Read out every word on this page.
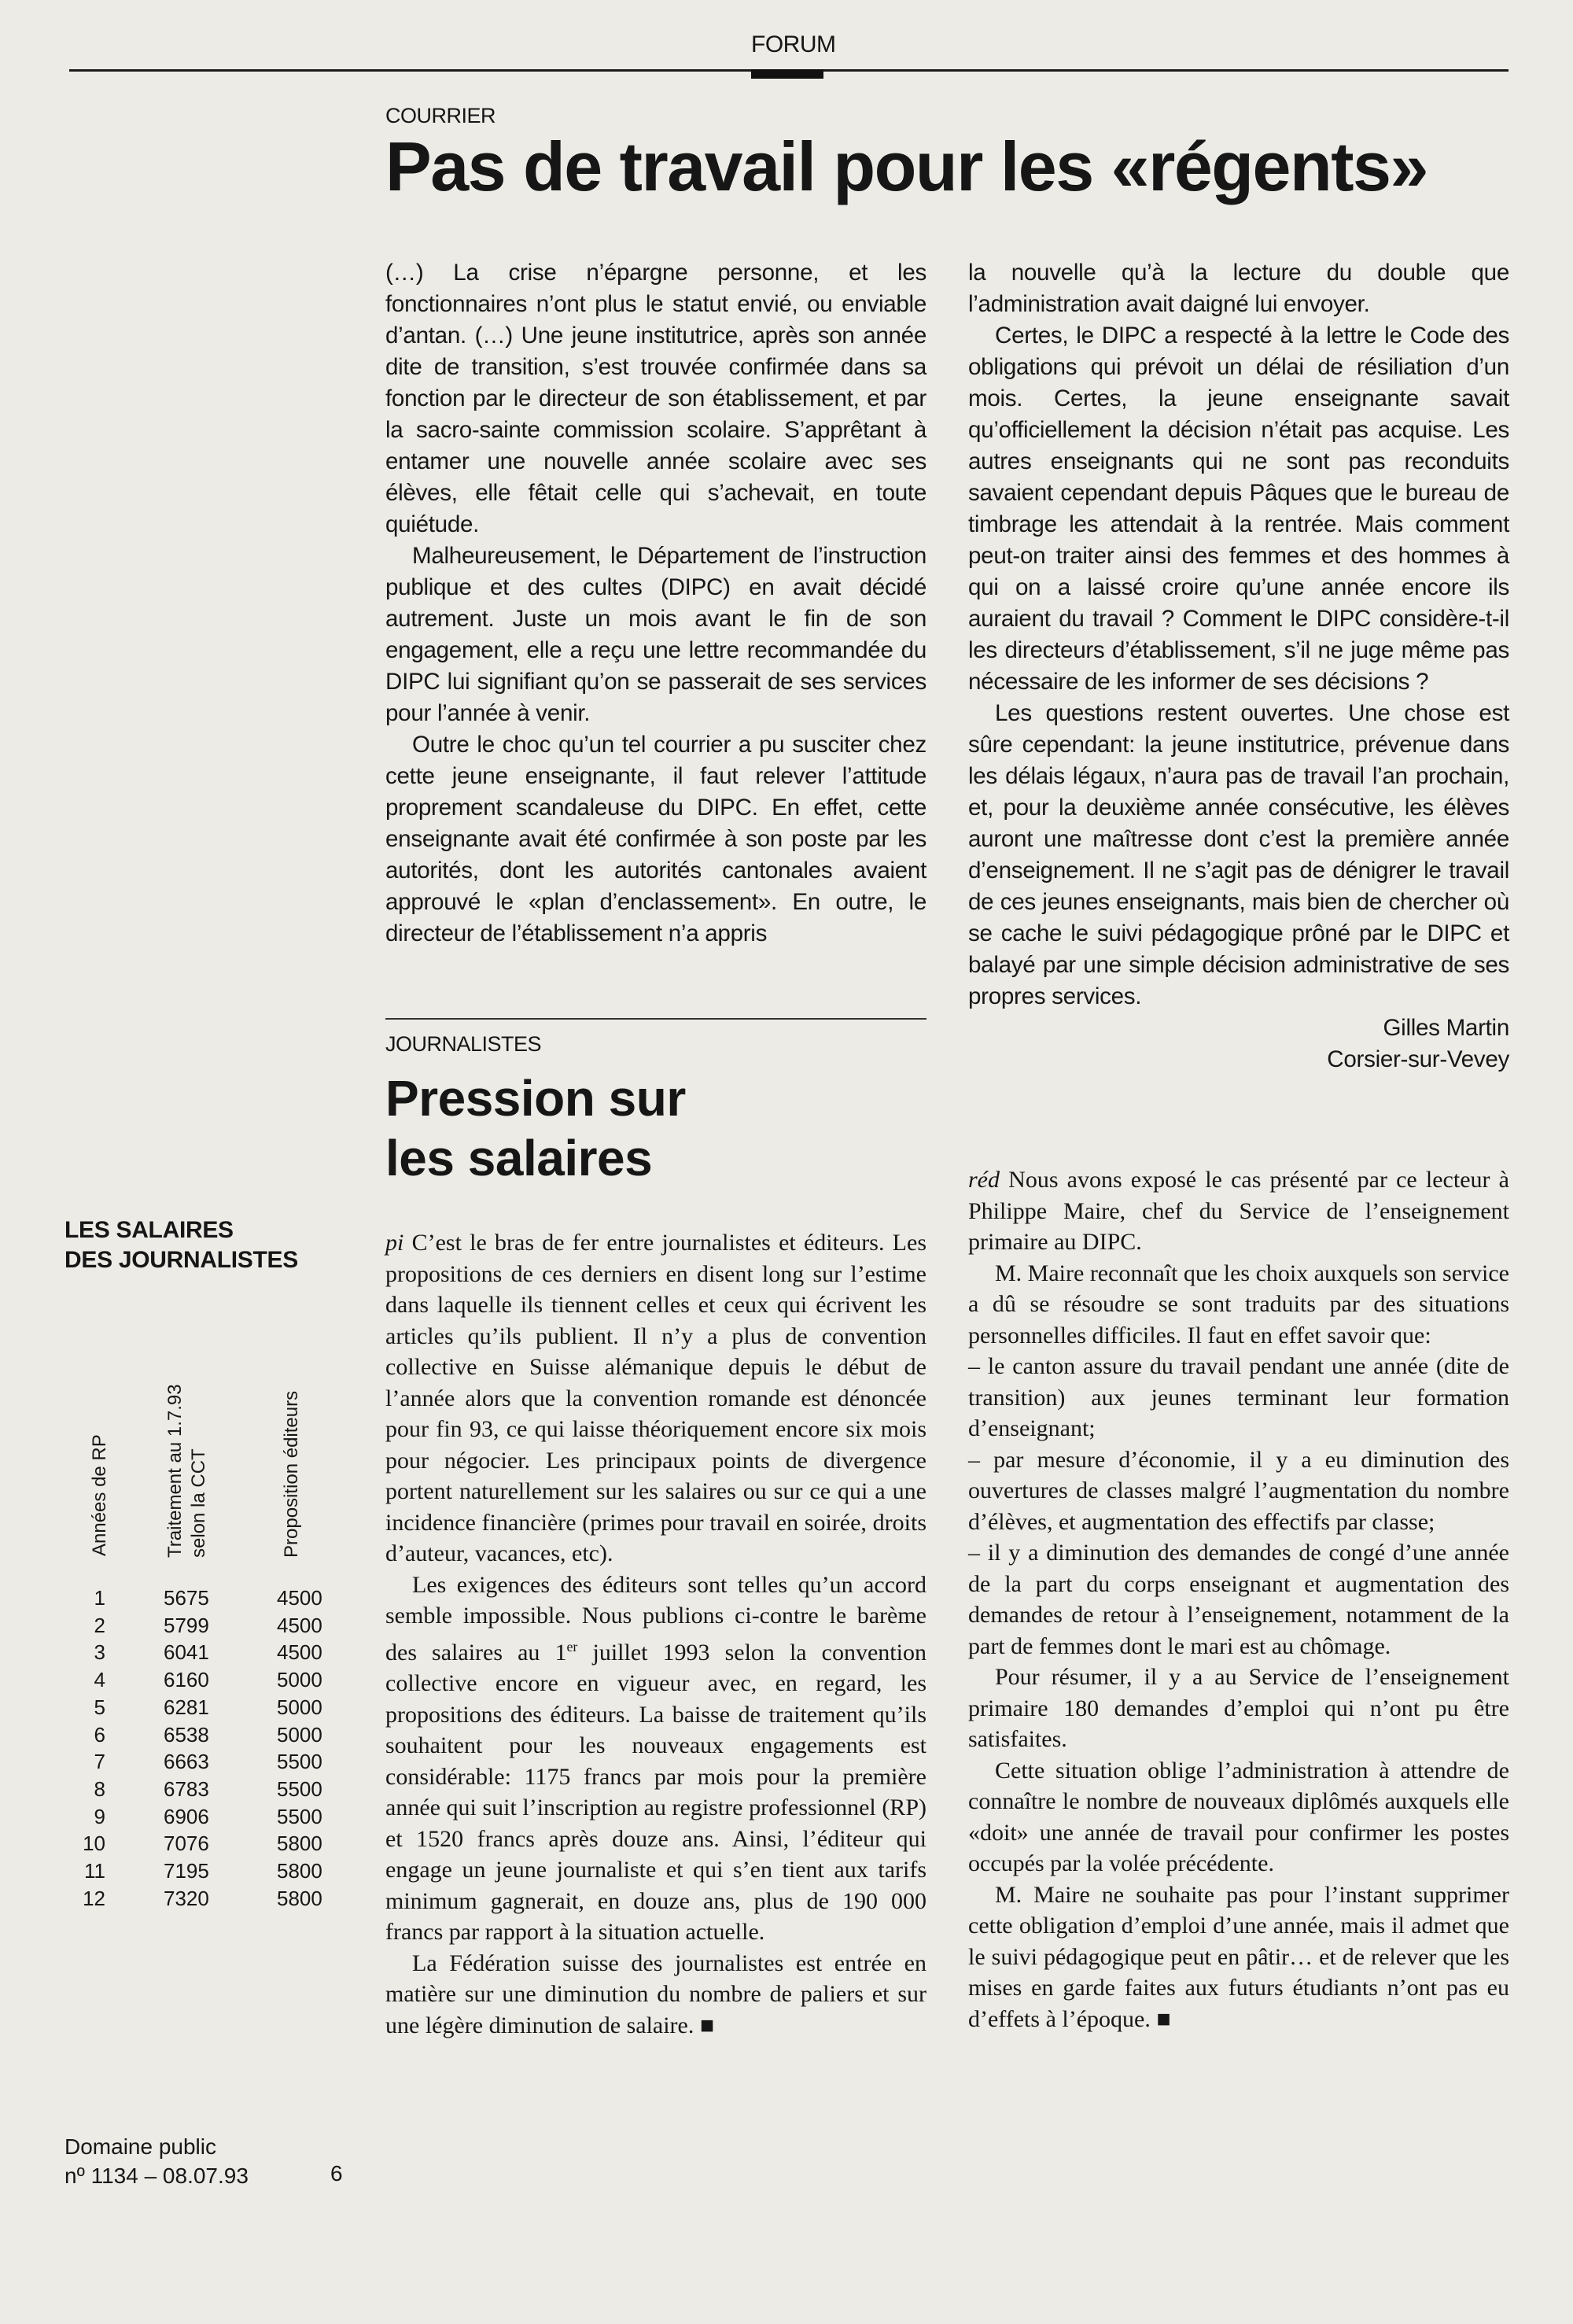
FORUM
COURRIER
Pas de travail pour les «régents»

(…) La crise n’épargne personne, et les fonctionnaires n’ont plus le statut envié, ou enviable d’antan. (…) Une jeune institutrice, après son année dite de transition, s’est trouvée confirmée dans sa fonction par le directeur de son établissement, et par la sacro-sainte commission scolaire. S’apprêtant à entamer une nouvelle année scolaire avec ses élèves, elle fêtait celle qui s’achevait, en toute quiétude.

Malheureusement, le Département de l’instruction publique et des cultes (DIPC) en avait décidé autrement. Juste un mois avant le fin de son engagement, elle a reçu une lettre recommandée du DIPC lui signifiant qu’on se passerait de ses services pour l’année à venir.

Outre le choc qu’un tel courrier a pu susciter chez cette jeune enseignante, il faut relever l’attitude proprement scandaleuse du DIPC. En effet, cette enseignante avait été confirmée à son poste par les autorités, dont les autorités cantonales avaient approuvé le «plan d’enclassement». En outre, le directeur de l’établissement n’a appris

la nouvelle qu’à la lecture du double que l’administration avait daigné lui envoyer.

Certes, le DIPC a respecté à la lettre le Code des obligations qui prévoit un délai de résiliation d’un mois. Certes, la jeune enseignante savait qu’officiellement la décision n’était pas acquise. Les autres enseignants qui ne sont pas reconduits savaient cependant depuis Pâques que le bureau de timbrage les attendait à la rentrée. Mais comment peut-on traiter ainsi des femmes et des hommes à qui on a laissé croire qu’une année encore ils auraient du travail ? Comment le DIPC considère-t-il les directeurs d’établissement, s’il ne juge même pas nécessaire de les informer de ses décisions ?

Les questions restent ouvertes. Une chose est sûre cependant: la jeune institutrice, prévenue dans les délais légaux, n’aura pas de travail l’an prochain, et, pour la deuxième année consécutive, les élèves auront une maîtresse dont c’est la première année d’enseignement. Il ne s’agit pas de dénigrer le travail de ces jeunes enseignants, mais bien de chercher où se cache le suivi pédagogique prôné par le DIPC et balayé par une simple décision administrative de ses propres services.

Gilles Martin

Corsier-sur-Vevey

réd Nous avons exposé le cas présenté par ce lecteur à Philippe Maire, chef du Service de l’enseignement primaire au DIPC.

M. Maire reconnaît que les choix auxquels son service a dû se résoudre se sont traduits par des situations personnelles difficiles. Il faut en effet savoir que:

– le canton assure du travail pendant une année (dite de transition) aux jeunes terminant leur formation d’enseignant;

– par mesure d’économie, il y a eu diminution des ouvertures de classes malgré l’augmentation du nombre d’élèves, et augmentation des effectifs par classe;

– il y a diminution des demandes de congé d’une année de la part du corps enseignant et augmentation des demandes de retour à l’enseignement, notamment de la part de femmes dont le mari est au chômage.

Pour résumer, il y a au Service de l’enseignement primaire 180 demandes d’emploi qui n’ont pu être satisfaites.

Cette situation oblige l’administration à attendre de connaître le nombre de nouveaux diplômés auxquels elle «doit» une année de travail pour confirmer les postes occupés par la volée précédente.

M. Maire ne souhaite pas pour l’instant supprimer cette obligation d’emploi d’une année, mais il admet que le suivi pédagogique peut en pâtir… et de relever que les mises en garde faites aux futurs étudiants n’ont pas eu d’effets à l’époque. ■

JOURNALISTES
Pression sur
les salaires

pi C’est le bras de fer entre journalistes et éditeurs. Les propositions de ces derniers en disent long sur l’estime dans laquelle ils tiennent celles et ceux qui écrivent les articles qu’ils publient. Il n’y a plus de convention collective en Suisse alémanique depuis le début de l’année alors que la convention romande est dénoncée pour fin 93, ce qui laisse théoriquement encore six mois pour négocier. Les principaux points de divergence portent naturellement sur les salaires ou sur ce qui a une incidence financière (primes pour travail en soirée, droits d’auteur, vacances, etc).

Les exigences des éditeurs sont telles qu’un accord semble impossible. Nous publions ci-contre le barème des salaires au 1er juillet 1993 selon la convention collective encore en vigueur avec, en regard, les propositions des éditeurs. La baisse de traitement qu’ils souhaitent pour les nouveaux engagements est considérable: 1175 francs par mois pour la première année qui suit l’inscription au registre professionnel (RP) et 1520 francs après douze ans. Ainsi, l’éditeur qui engage un jeune journaliste et qui s’en tient aux tarifs minimum gagnerait, en douze ans, plus de 190 000 francs par rapport à la situation actuelle.

La Fédération suisse des journalistes est entrée en matière sur une diminution du nombre de paliers et sur une légère diminution de salaire. ■

LES SALAIRES
DES JOURNALISTES
Années de RP	Traitement au 1.7.93 selon la CCT	Proposition éditeurs
1	5675	4500
2	5799	4500
3	6041	4500
4	6160	5000
5	6281	5000
6	6538	5000
7	6663	5500
8	6783	5500
9	6906	5500
10	7076	5800
11	7195	5800
12	7320	5800
Domaine public
nº 1134 – 08.07.93	6
